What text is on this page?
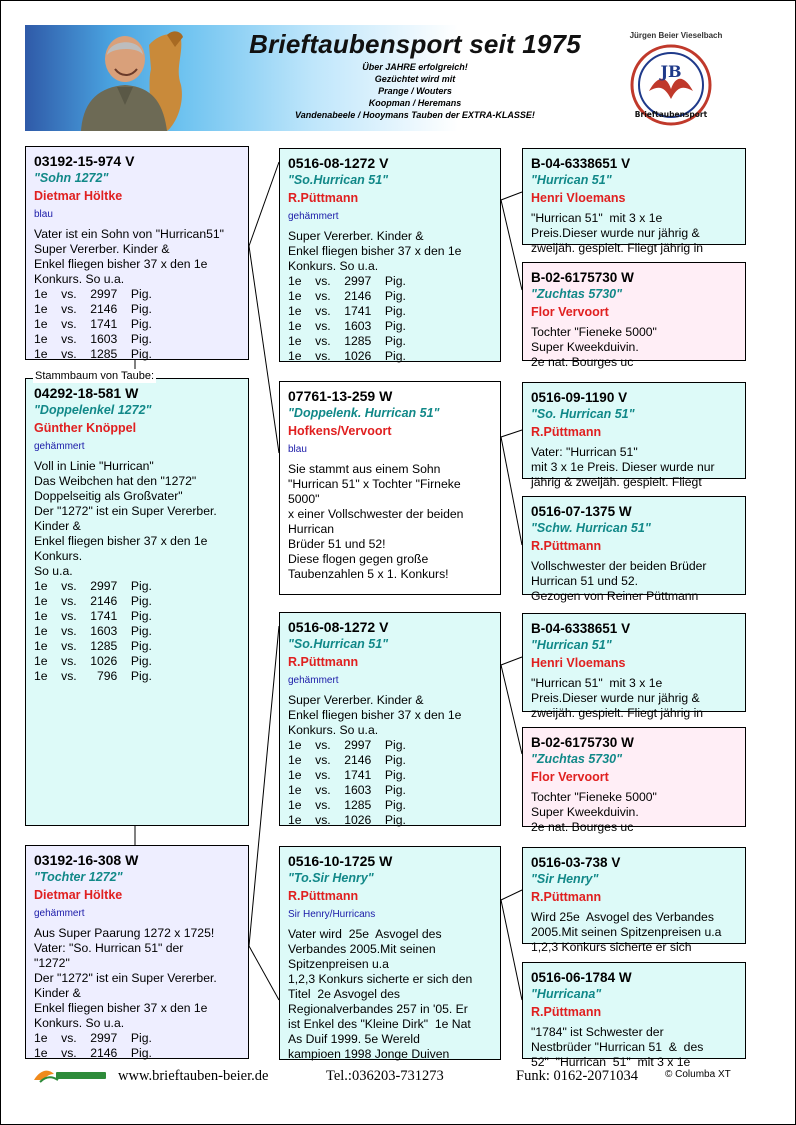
Brieftaubensport seit 1975
Über JAHRE erfolgreich!
Gezüchtet wird mit
Prange / Wouters
Koopman / Heremans
Vandenabeele / Hooymans Tauben der EXTRA-KLASSE!
Jürgen Beier Vieselbach
JB
Brieftaubensport
03192-15-974 V
"Sohn 1272"
Dietmar Höltke
blau
Vater ist ein Sohn von "Hurrican51"
Super Vererber. Kinder &
Enkel fliegen bisher 37 x den 1e
Konkurs. So u.a.
1e    vs.    2997    Pig.
1e    vs.    2146    Pig.
1e    vs.    1741    Pig.
1e    vs.    1603    Pig.
1e    vs.    1285    Pig.
04292-18-581 W
"Doppelenkel 1272"
Günther Knöppel
gehämmert
Voll in Linie "Hurrican"
Das Weibchen hat den "1272"
Doppelseitig als Großvater"
Der "1272" ist ein Super Vererber.
Kinder &
Enkel fliegen bisher 37 x den 1e
Konkurs.
So u.a.
1e    vs.    2997    Pig.
1e    vs.    2146    Pig.
1e    vs.    1741    Pig.
1e    vs.    1603    Pig.
1e    vs.    1285    Pig.
1e    vs.    1026    Pig.
1e    vs.      796    Pig.
Stammbaum von Taube:
03192-16-308 W
"Tochter 1272"
Dietmar Höltke
gehämmert
Aus Super Paarung 1272 x 1725!
Vater: "So. Hurrican 51" der
"1272"
Der "1272" ist ein Super Vererber.
Kinder &
Enkel fliegen bisher 37 x den 1e
Konkurs. So u.a.
1e    vs.    2997    Pig.
1e    vs.    2146    Pig.
0516-08-1272 V
"So.Hurrican 51"
R.Püttmann
gehämmert
Super Vererber. Kinder &
Enkel fliegen bisher 37 x den 1e
Konkurs. So u.a.
1e    vs.    2997    Pig.
1e    vs.    2146    Pig.
1e    vs.    1741    Pig.
1e    vs.    1603    Pig.
1e    vs.    1285    Pig.
1e    vs.    1026    Pig.
07761-13-259 W
"Doppelenk. Hurrican 51"
Hofkens/Vervoort
blau
Sie stammt aus einem Sohn
"Hurrican 51" x Tochter "Firneke
5000"
x einer Vollschwester der beiden
Hurrican
Brüder 51 und 52!
Diese flogen gegen große
Taubenzahlen 5 x 1. Konkurs!
0516-08-1272 V
"So.Hurrican 51"
R.Püttmann
gehämmert
Super Vererber. Kinder &
Enkel fliegen bisher 37 x den 1e
Konkurs. So u.a.
1e    vs.    2997    Pig.
1e    vs.    2146    Pig.
1e    vs.    1741    Pig.
1e    vs.    1603    Pig.
1e    vs.    1285    Pig.
1e    vs.    1026    Pig.
0516-10-1725 W
"To.Sir Henry"
R.Püttmann
Sir Henry/Hurricans
Vater wird  25e  Asvogel des
Verbandes 2005.Mit seinen
Spitzenpreisen u.a
1,2,3 Konkurs sicherte er sich den
Titel  2e Asvogel des
Regionalverbandes 257 in '05. Er
ist Enkel des "Kleine Dirk"  1e Nat
As Duif 1999. 5e Wereld
kampioen 1998 Jonge Duiven
B-04-6338651 V
"Hurrican 51"
Henri Vloemans
"Hurrican 51"  mit 3 x 1e
Preis.Dieser wurde nur jährig &
zweijäh. gespielt. Fliegt jährig in
B-02-6175730 W
"Zuchtas 5730"
Flor Vervoort
Tochter "Fieneke 5000"
Super Kweekduivin.
2e nat. Bourges uc
0516-09-1190 V
"So. Hurrican 51"
R.Püttmann
Vater: "Hurrican 51"
mit 3 x 1e Preis. Dieser wurde nur
jährig & zweijäh. gespielt. Fliegt
0516-07-1375 W
"Schw. Hurrican 51"
R.Püttmann
Vollschwester der beiden Brüder
Hurrican 51 und 52.
Gezogen von Reiner Püttmann
B-04-6338651 V
"Hurrican 51"
Henri Vloemans
"Hurrican 51"  mit 3 x 1e
Preis.Dieser wurde nur jährig &
zweijäh. gespielt. Fliegt jährig in
B-02-6175730 W
"Zuchtas 5730"
Flor Vervoort
Tochter "Fieneke 5000"
Super Kweekduivin.
2e nat. Bourges uc
0516-03-738 V
"Sir Henry"
R.Püttmann
Wird 25e  Asvogel des Verbandes
2005.Mit seinen Spitzenpreisen u.a
1,2,3 Konkurs sicherte er sich
0516-06-1784 W
"Hurricana"
R.Püttmann
"1784" ist Schwester der
Nestbrüder "Hurrican 51  &  des
52"  "Hurrican  51"  mit 3 x 1e
www.brieftauben-beier.de	Tel.:036203-731273	Funk: 0162-2071034	© Columba XT
